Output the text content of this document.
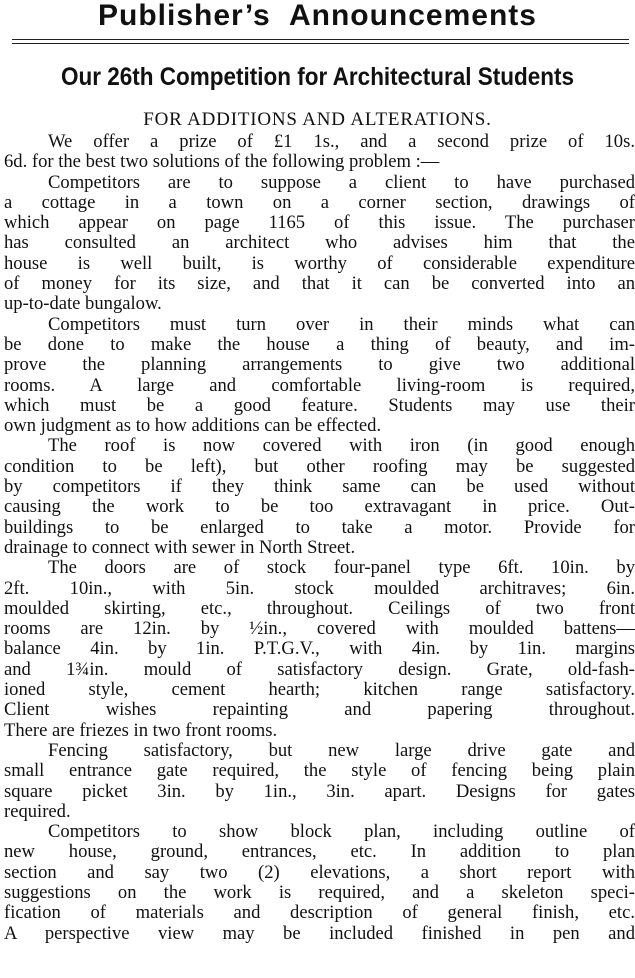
Publisher’s Announcements
Our 26th Competition for Architectural Students
FOR ADDITIONS AND ALTERATIONS.
We offer a prize of £1 1s., and a second prize of 10s.
6d. for the best two solutions of the following problem :—
Competitors are to suppose a client to have purchased
a cottage in a town on a corner section, drawings of
which appear on page 1165 of this issue. The purchaser
has consulted an architect who advises him that the
house is well built, is worthy of considerable expenditure
of money for its size, and that it can be converted into an
up-to-date bungalow.
Competitors must turn over in their minds what can
be done to make the house a thing of beauty, and im-
prove the planning arrangements to give two additional
rooms. A large and comfortable living-room is required,
which must be a good feature. Students may use their
own judgment as to how additions can be effected.
The roof is now covered with iron (in good enough
condition to be left), but other roofing may be suggested
by competitors if they think same can be used without
causing the work to be too extravagant in price. Out-
buildings to be enlarged to take a motor. Provide for
drainage to connect with sewer in North Street.
The doors are of stock four-panel type 6ft. 10in. by
2ft. 10in., with 5in. stock moulded architraves; 6in.
moulded skirting, etc., throughout. Ceilings of two front
rooms are 12in. by ½in., covered with moulded battens—
balance 4in. by 1in. P.T.G.V., with 4in. by 1in. margins
and 1¾in. mould of satisfactory design. Grate, old-fash-
ioned style, cement hearth; kitchen range satisfactory.
Client wishes repainting and papering throughout.
There are friezes in two front rooms.
Fencing satisfactory, but new large drive gate and
small entrance gate required, the style of fencing being plain
square picket 3in. by 1in., 3in. apart. Designs for gates
required.
Competitors to show block plan, including outline of
new house, ground, entrances, etc. In addition to plan
section and say two (2) elevations, a short report with
suggestions on the work is required, and a skeleton speci-
fication of materials and description of general finish, etc.
A perspective view may be included finished in pen and
